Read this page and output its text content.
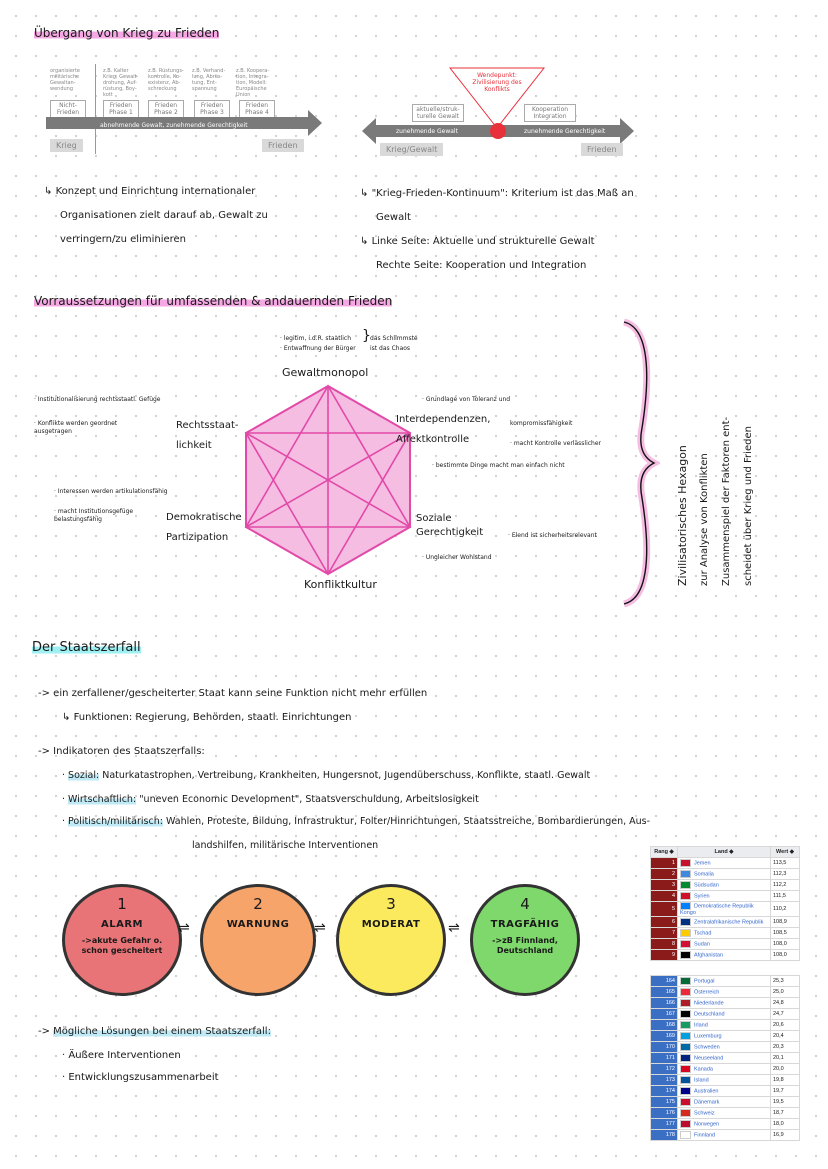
Übergang von Krieg zu Frieden
organisierte militärische Gewaltan-wendung
z.B. Kalter Krieg, Gewalt-drohung, Auf-rüstung, Boy-kott
z.B. Rüstungs-kontrolle, Ko-existenz, Ab-schreckung
z.B. Verhand-lung, Abrüs-tung, Ent-spannung
z.B. Koopera-tion, Integra-tion, Modell: Europäische Union
Nicht-Frieden
Frieden Phase 1
Frieden Phase 2
Frieden Phase 3
Frieden Phase 4
abnehmende Gewalt, zunehmende Gerechtigkeit
Krieg	Frieden
Wendepunkt: Zivilisierung des Konflikts
aktuelle/struk-turelle Gewalt
Kooperation Integration
zunehmende Gewalt	zunehmende Gerechtigkeit
Krieg/Gewalt	Frieden
↳ Konzept und Einrichtung internationaler
Organisationen zielt darauf ab, Gewalt zu
verringern/zu eliminieren
↳ "Krieg-Frieden-Kontinuum": Kriterium ist das Maß an
Gewalt
↳ Linke Seite: Aktuelle und strukturelle Gewalt
Rechte Seite: Kooperation und Integration
Vorraussetzungen für umfassenden & andauernden Frieden
· legitim, i.d.R. staatlich
· Entwaffnung der Bürger
} das Schlimmste
ist das Chaos
Gewaltmonopol
Rechtsstaat-lichkeit
Interdependenzen, Affektkontrolle
Demokratische Partizipation
Soziale Gerechtigkeit
Konfliktkultur
· Institutionalisierung rechtsstaatl. Gefüge
· Konflikte werden geordnet ausgetragen
· Interessen werden artikulationsfähig
· macht Institutionsgefüge belastungsfähig
· Grundlage von Toleranz und
kompromissfähigkeit
· macht Kontrolle verlässlicher
· bestimmte Dinge macht man einfach nicht
· Elend ist sicherheitsrelevant
· Ungleicher Wohlstand	Zivilisatorisches Hexagon	zur Analyse von Konflikten	Zusammenspiel der Faktoren ent-	scheidet über Krieg und Frieden
Der Staatszerfall
-> ein zerfallener/gescheiterter Staat kann seine Funktion nicht mehr erfüllen
↳ Funktionen: Regierung, Behörden, staatl. Einrichtungen
-> Indikatoren des Staatszerfalls:
· Sozial: Naturkatastrophen, Vertreibung, Krankheiten, Hungersnot, Jugendüberschuss, Konflikte, staatl. Gewalt
· Wirtschaftlich: "uneven Economic Development", Staatsverschuldung, Arbeitslosigkeit
· Politisch/militärisch: Wahlen, Proteste, Bildung, Infrastruktur, Folter/Hinrichtungen, Staatsstreiche, Bombardierungen, Aus-
landshilfen, militärische Interventionen
1
ALARM
->akute Gefahr o. schon gescheitert
⇌
2
WARNUNG	⇌
3
MODERAT	⇌
4
TRAGFÄHIG
->zB Finnland, Deutschland
-> Mögliche Lösungen bei einem Staatszerfall:
· Äußere Interventionen
· Entwicklungszusammenarbeit
Rang ◆	Land ◆	Wert ◆
1	Jemen	113,5
2	Somalia	112,3
3	Südsudan	112,2
4	Syrien	111,5
5	Demokratische Republik Kongo	110,2
6	Zentralafrikanische Republik	108,9
7	Tschad	108,5
8	Sudan	108,0
9	Afghanistan	108,0

164	Portugal	25,3
165	Österreich	25,0
166	Niederlande	24,8
167	Deutschland	24,7
168	Irland	20,6
169	Luxemburg	20,4
170	Schweden	20,3
171	Neuseeland	20,1
172	Kanada	20,0
173	Island	19,8
174	Australien	19,7
175	Dänemark	19,5
176	Schweiz	18,7
177	Norwegen	18,0
178	Finnland	16,9
